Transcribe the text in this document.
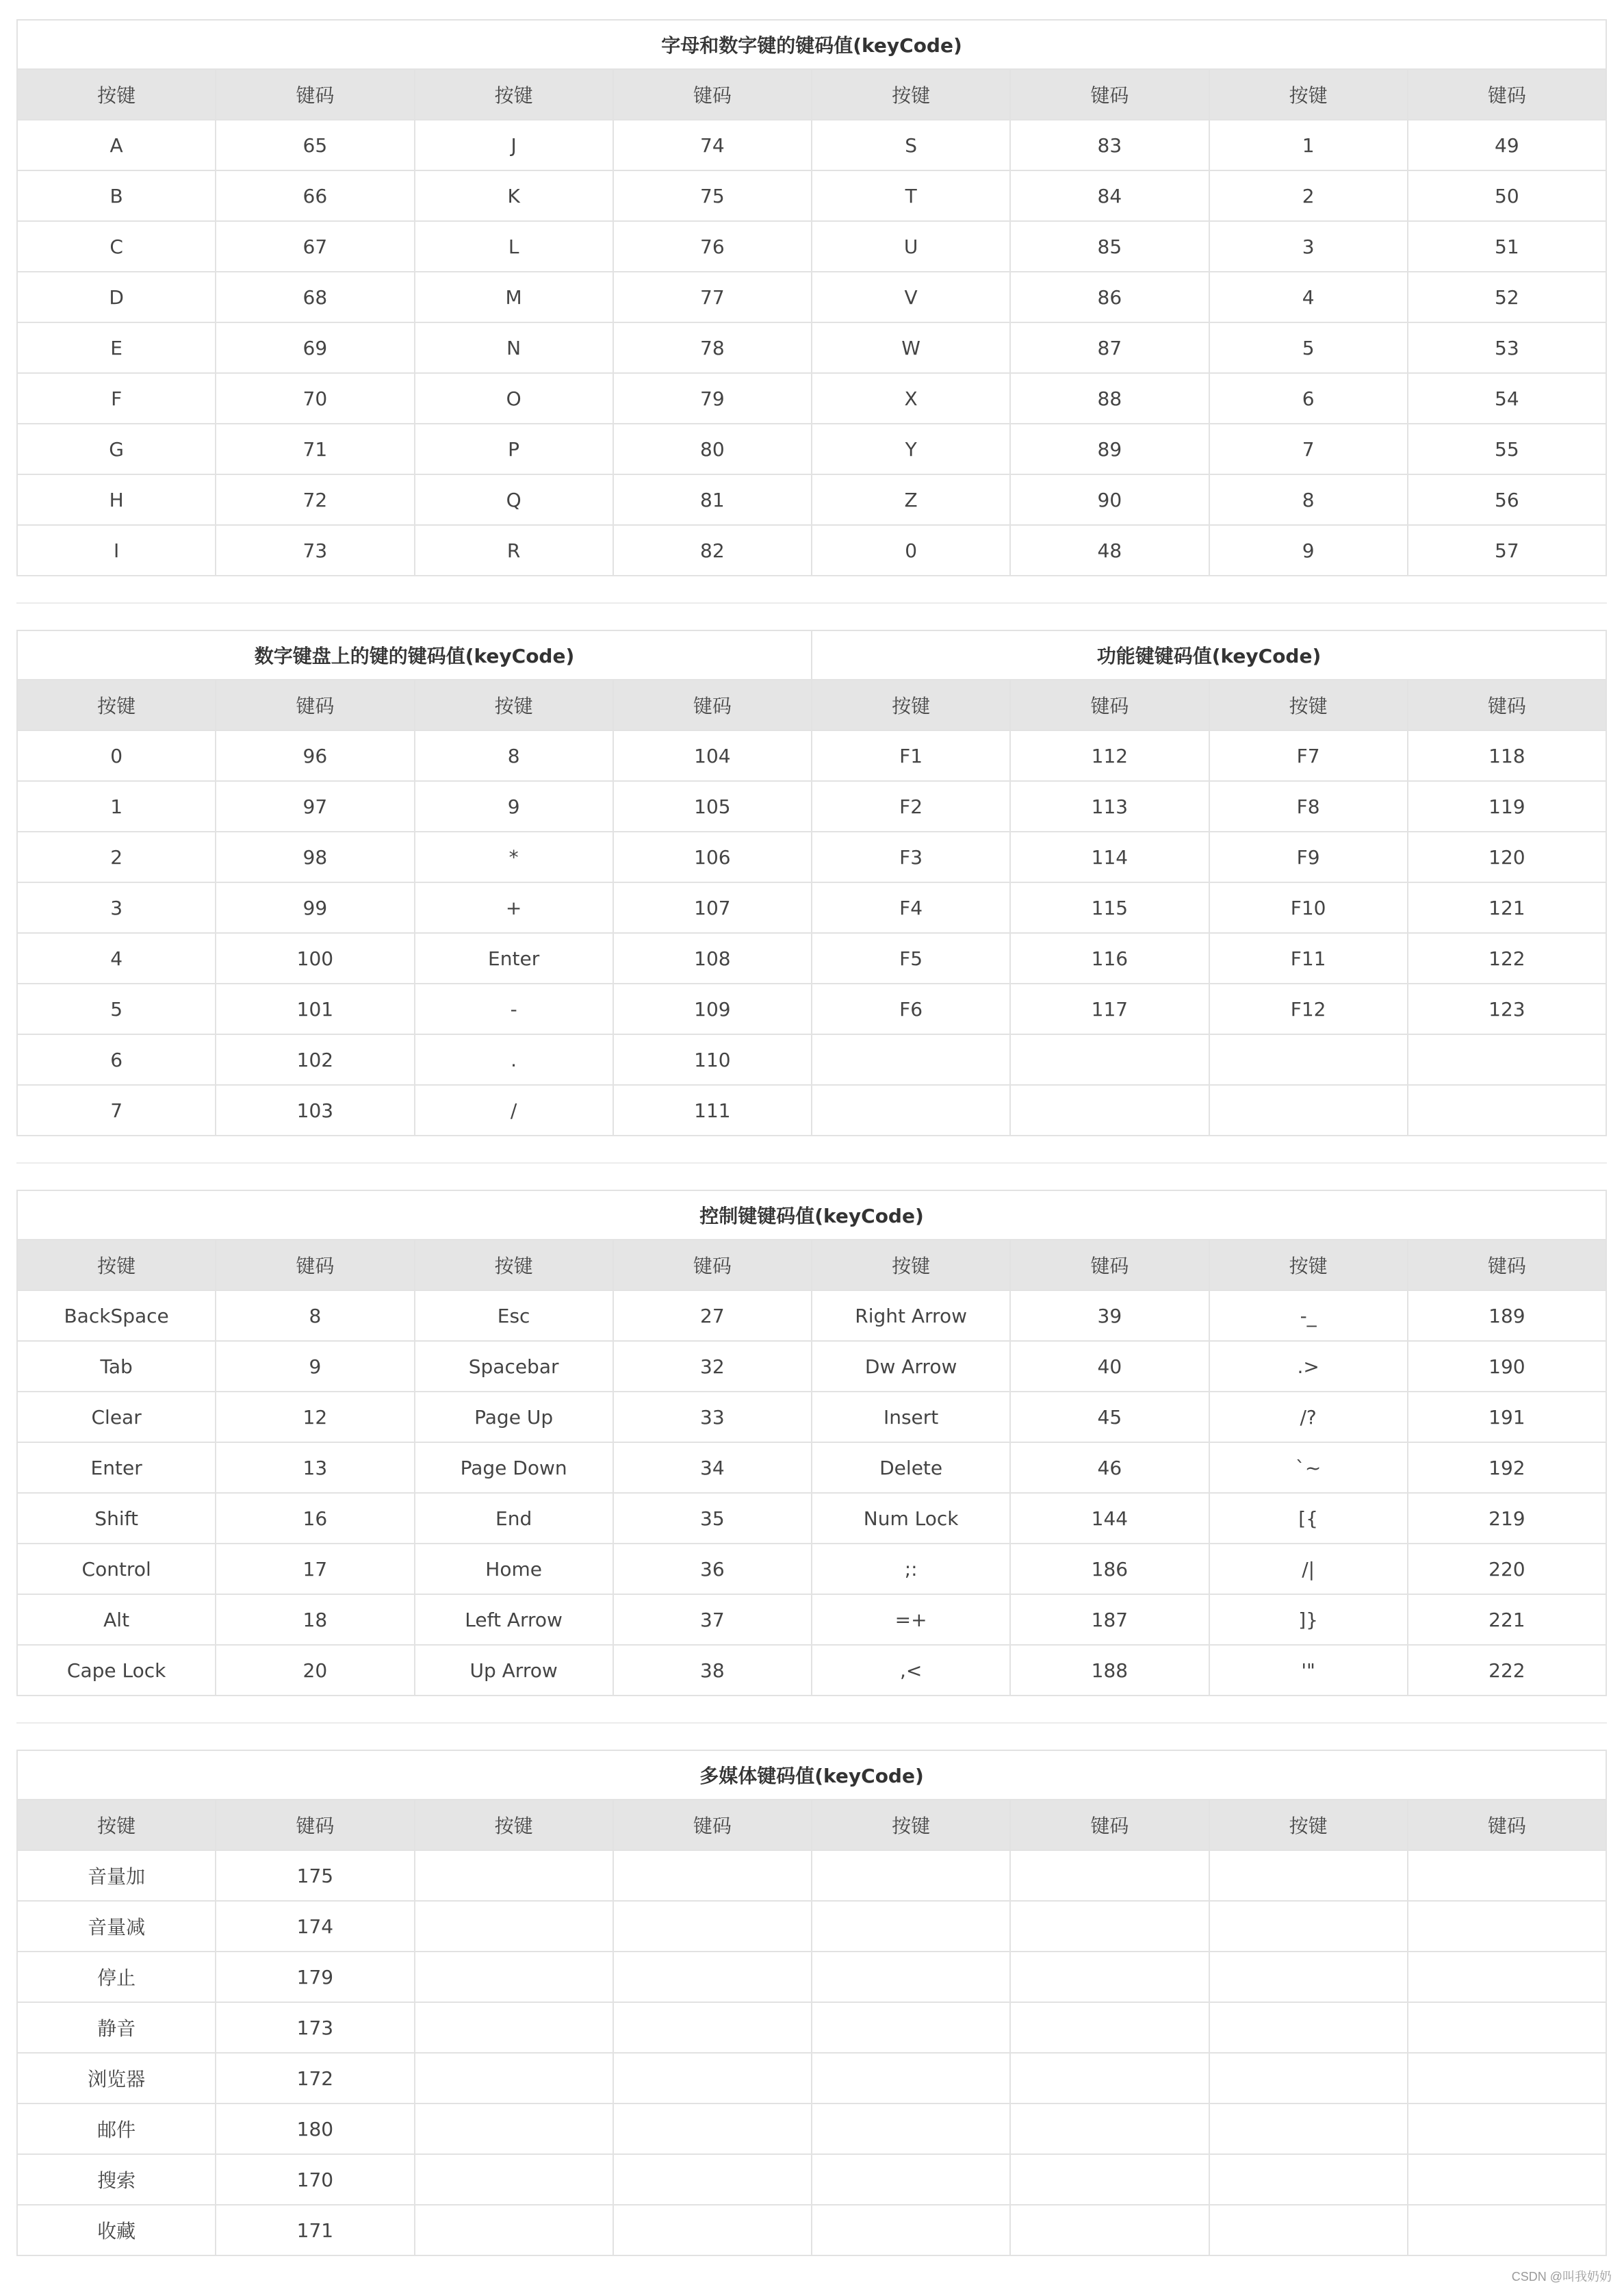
字母和数字键的键码值(keyCode)							
按键	键码	按键	键码	按键	键码	按键	键码
A	65	J	74	S	83	1	49
B	66	K	75	T	84	2	50
C	67	L	76	U	85	3	51
D	68	M	77	V	86	4	52
E	69	N	78	W	87	5	53
F	70	O	79	X	88	6	54
G	71	P	80	Y	89	7	55
H	72	Q	81	Z	90	8	56
I	73	R	82	0	48	9	57
数字键盘上的键的键码值(keyCode)				功能键键码值(keyCode)			
按键	键码	按键	键码	按键	键码	按键	键码
0	96	8	104	F1	112	F7	118
1	97	9	105	F2	113	F8	119
2	98	*	106	F3	114	F9	120
3	99	+	107	F4	115	F10	121
4	100	Enter	108	F5	116	F11	122
5	101	-	109	F6	117	F12	123
6	102	.	110				
7	103	/	111				
控制键键码值(keyCode)							
按键	键码	按键	键码	按键	键码	按键	键码
BackSpace	8	Esc	27	Right Arrow	39	-_	189
Tab	9	Spacebar	32	Dw Arrow	40	.>	190
Clear	12	Page Up	33	Insert	45	/?	191
Enter	13	Page Down	34	Delete	46	`~	192
Shift	16	End	35	Num Lock	144	[{	219
Control	17	Home	36	;:	186	/|	220
Alt	18	Left Arrow	37	=+	187	]}	221
Cape Lock	20	Up Arrow	38	,<	188	'"	222
多媒体键码值(keyCode)							
按键	键码	按键	键码	按键	键码	按键	键码
音量加	175						
音量减	174						
停止	179						
静音	173						
浏览器	172						
邮件	180						
搜索	170						
收藏	171						
CSDN @叫我奶奶
